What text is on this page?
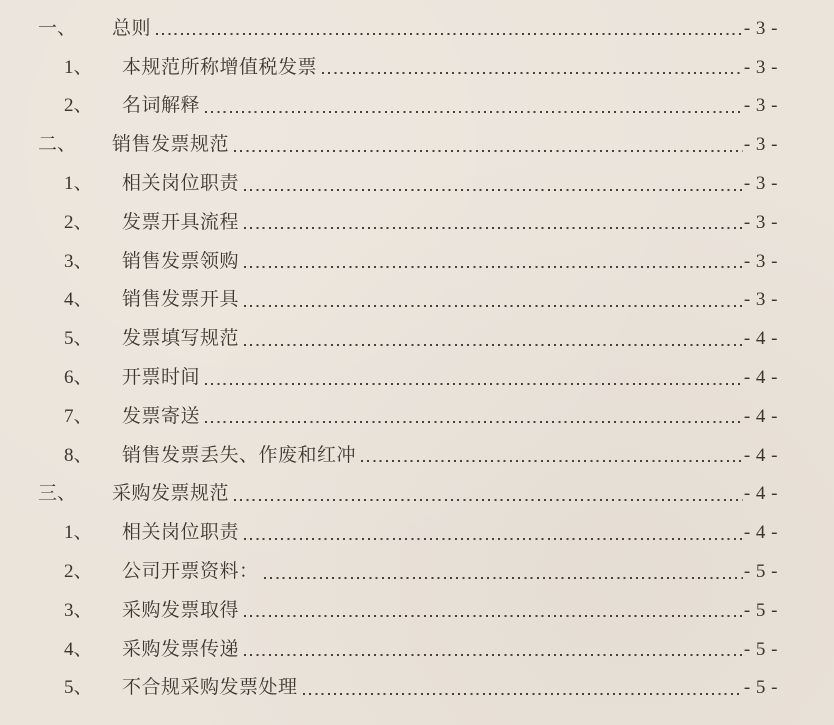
一、	总则	- 3 -
1、	本规范所称增值税发票	- 3 -
2、	名词解释	- 3 -
二、	销售发票规范	- 3 -
1、	相关岗位职责	- 3 -
2、	发票开具流程	- 3 -
3、	销售发票领购	- 3 -
4、	销售发票开具	- 3 -
5、	发票填写规范	- 4 -
6、	开票时间	- 4 -
7、	发票寄送	- 4 -
8、	销售发票丢失、作废和红冲	- 4 -
三、	采购发票规范	- 4 -
1、	相关岗位职责	- 4 -
2、	公司开票资料：	- 5 -
3、	采购发票取得	- 5 -
4、	采购发票传递	- 5 -
5、	不合规采购发票处理	- 5 -
